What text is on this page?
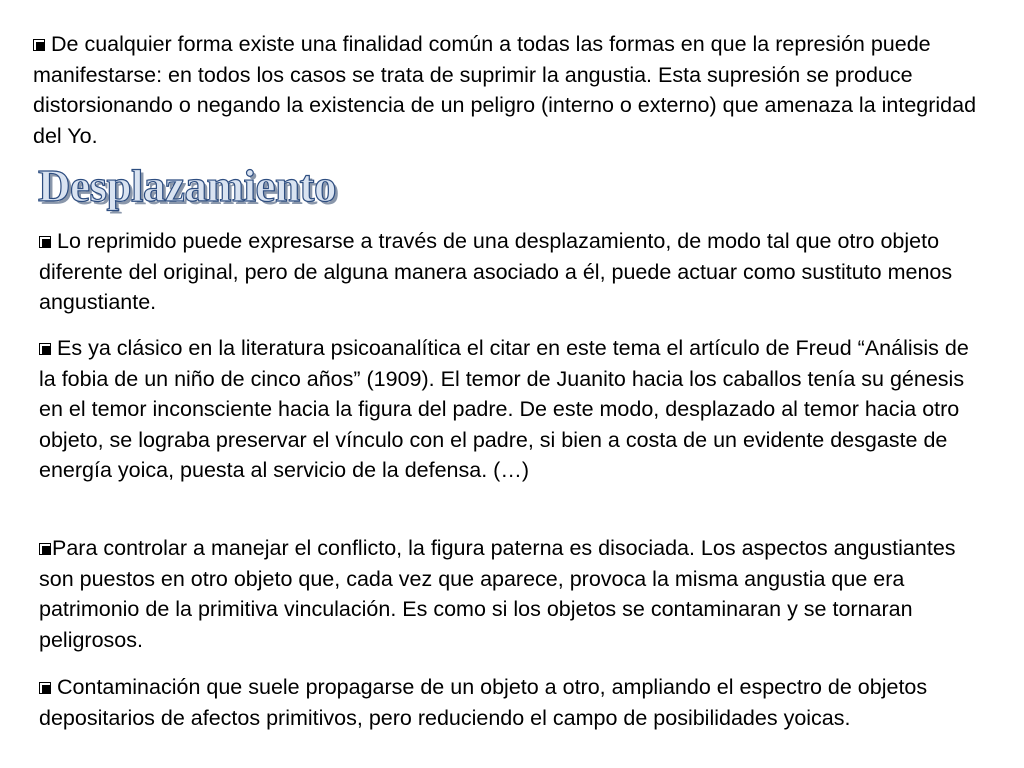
De cualquier forma existe una finalidad común a todas las formas en que la represión puede manifestarse: en todos los casos se trata de suprimir la angustia. Esta supresión se produce distorsionando o negando la existencia de un peligro (interno o externo) que amenaza la integridad del Yo.

Desplazamiento

Lo reprimido puede expresarse a través de una desplazamiento, de modo tal que otro objeto diferente del original, pero de alguna manera asociado a él, puede actuar como sustituto menos angustiante.

Es ya clásico en la literatura psicoanalítica el citar en este tema el artículo de Freud “Análisis de la fobia de un niño de cinco años” (1909). El temor de Juanito hacia los caballos tenía su génesis en el temor inconsciente hacia la figura del padre. De este modo, desplazado al temor hacia otro objeto, se lograba preservar el vínculo con el padre, si bien a costa de un evidente desgaste de energía yoica, puesta al servicio de la defensa. (…)

Para controlar a manejar el conflicto, la figura paterna es disociada. Los aspectos angustiantes son puestos en otro objeto que, cada vez que aparece, provoca la misma angustia que era patrimonio de la primitiva vinculación. Es como si los objetos se contaminaran y se tornaran peligrosos.

Contaminación que suele propagarse de un objeto a otro, ampliando el espectro de objetos depositarios de afectos primitivos, pero reduciendo el campo de posibilidades yoicas.
